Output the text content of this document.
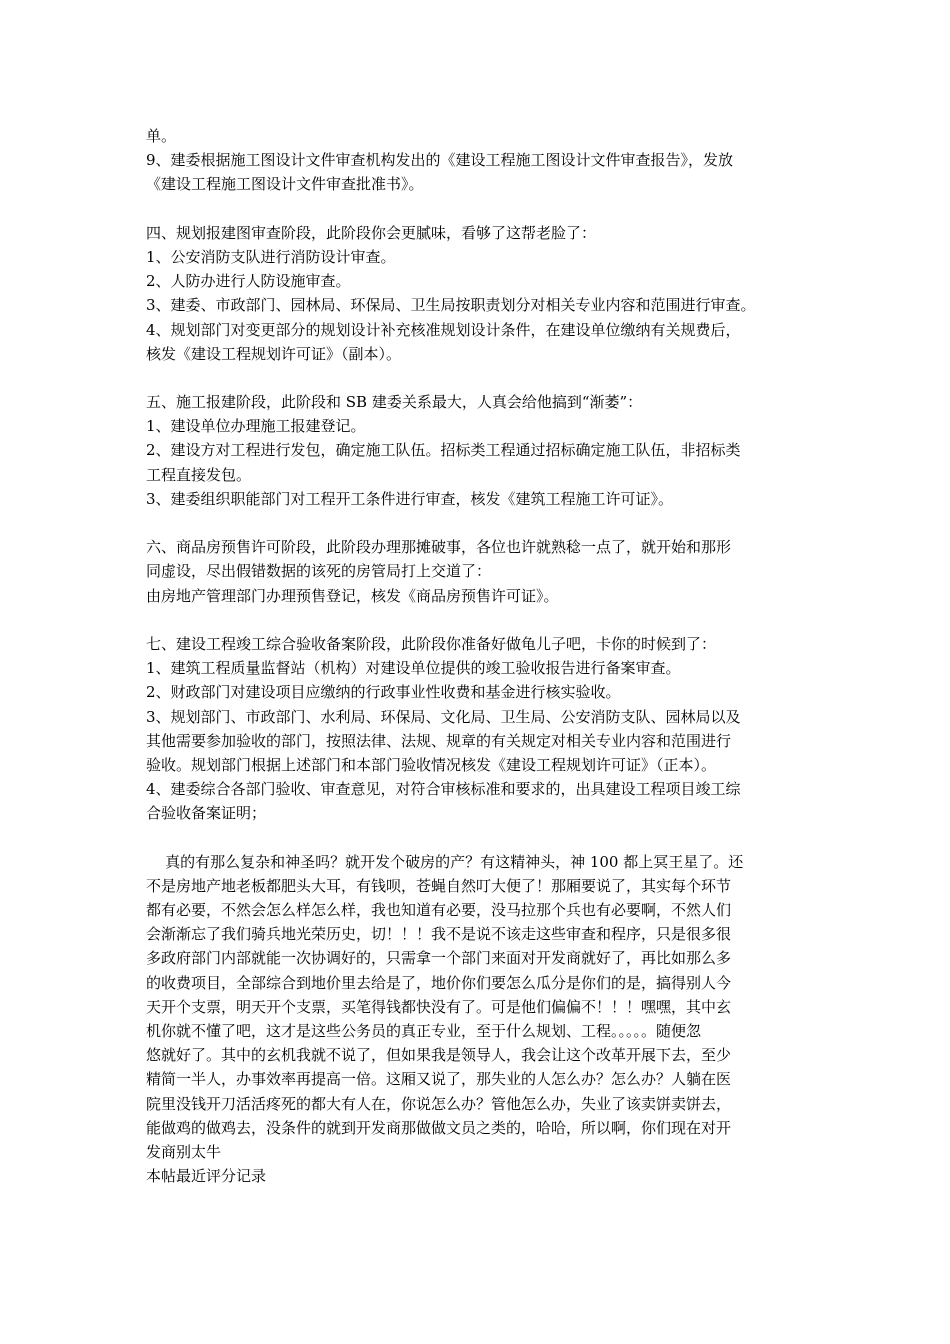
单。
9、建委根据施工图设计文件审查机构发出的《建设工程施工图设计文件审查报告》，发放
《建设工程施工图设计文件审查批准书》。
四、规划报建图审查阶段，此阶段你会更腻味，看够了这帮老脸了：
1、公安消防支队进行消防设计审查。
2、人防办进行人防设施审查。
3、建委、市政部门、园林局、环保局、卫生局按职责划分对相关专业内容和范围进行审查。
4、规划部门对变更部分的规划设计补充核准规划设计条件，在建设单位缴纳有关规费后，
核发《建设工程规划许可证》（副本）。
五、施工报建阶段，此阶段和 SB 建委关系最大，人真会给他搞到“渐萎”：
1、建设单位办理施工报建登记。
2、建设方对工程进行发包，确定施工队伍。招标类工程通过招标确定施工队伍，非招标类
工程直接发包。
3、建委组织职能部门对工程开工条件进行审查，核发《建筑工程施工许可证》。
六、商品房预售许可阶段，此阶段办理那摊破事，各位也许就熟稔一点了，就开始和那形
同虚设，尽出假错数据的该死的房管局打上交道了：
由房地产管理部门办理预售登记，核发《商品房预售许可证》。
七、建设工程竣工综合验收备案阶段，此阶段你准备好做龟儿子吧，卡你的时候到了：
1、建筑工程质量监督站（机构）对建设单位提供的竣工验收报告进行备案审查。
2、财政部门对建设项目应缴纳的行政事业性收费和基金进行核实验收。
3、规划部门、市政部门、水利局、环保局、文化局、卫生局、公安消防支队、园林局以及
其他需要参加验收的部门，按照法律、法规、规章的有关规定对相关专业内容和范围进行
验收。规划部门根据上述部门和本部门验收情况核发《建设工程规划许可证》（正本）。
4、建委综合各部门验收、审查意见，对符合审核标准和要求的，出具建设工程项目竣工综
合验收备案证明；
真的有那么复杂和神圣吗？就开发个破房的产？有这精神头，神 100 都上冥王星了。还
不是房地产地老板都肥头大耳，有钱呗，苍蝇自然叮大便了！那厢要说了，其实每个环节
都有必要，不然会怎么样怎么样，我也知道有必要，没马拉那个兵也有必要啊，不然人们
会渐渐忘了我们骑兵地光荣历史，切！！！我不是说不该走这些审查和程序，只是很多很
多政府部门内部就能一次协调好的，只需拿一个部门来面对开发商就好了，再比如那么多
的收费项目，全部综合到地价里去给是了，地价你们要怎么瓜分是你们的是，搞得别人今
天开个支票，明天开个支票，买笔得钱都快没有了。可是他们偏偏不！！！嘿嘿，其中玄
机你就不懂了吧，这才是这些公务员的真正专业，至于什么规划、工程。。。。。随便忽
悠就好了。其中的玄机我就不说了，但如果我是领导人，我会让这个改革开展下去，至少
精简一半人，办事效率再提高一倍。这厢又说了，那失业的人怎么办？怎么办？人躺在医
院里没钱开刀活活疼死的都大有人在，你说怎么办？管他怎么办，失业了该卖饼卖饼去，
能做鸡的做鸡去，没条件的就到开发商那做做文员之类的，哈哈，所以啊，你们现在对开
发商别太牛
本帖最近评分记录
